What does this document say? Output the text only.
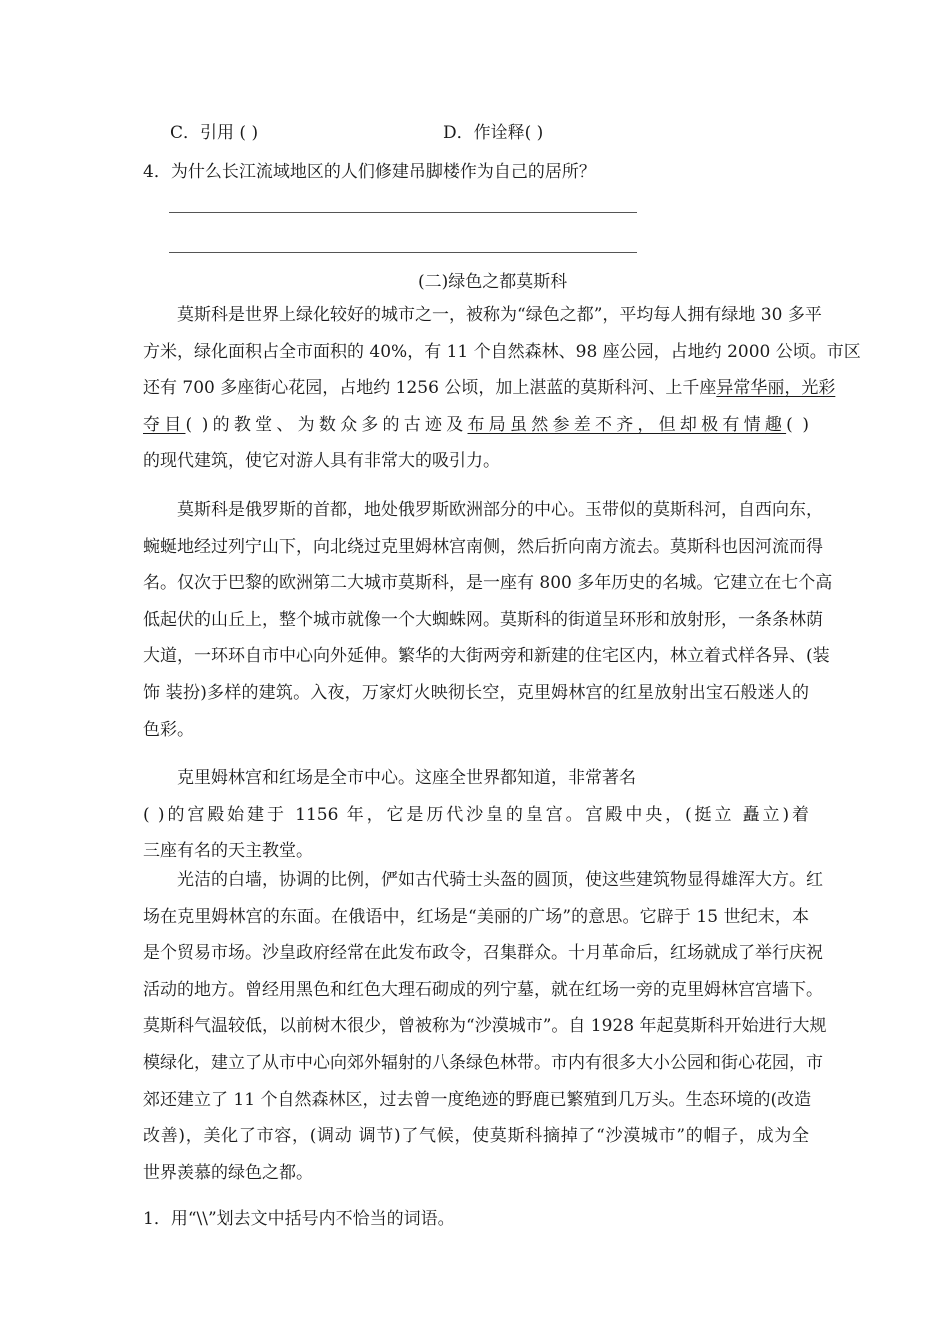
C．引用 ( )	D．作诠释( )
4．为什么长江流域地区的人们修建吊脚楼作为自己的居所？
(二)绿色之都莫斯科
莫斯科是世界上绿化较好的城市之一，被称为“绿色之都”，平均每人拥有绿地 30 多平
方米，绿化面积占全市面积的 40%，有 11 个自然森林、98 座公园，占地约 2000 公顷。市区
还有 700 多座街心花园，占地约 1256 公顷，加上湛蓝的莫斯科河、上千座异常华丽，光彩
夺目( )的教堂、为数众多的古迹及布局虽然参差不齐，但却极有情趣( )
的现代建筑，使它对游人具有非常大的吸引力。
莫斯科是俄罗斯的首都，地处俄罗斯欧洲部分的中心。玉带似的莫斯科河，自西向东，
蜿蜒地经过列宁山下，向北绕过克里姆林宫南侧，然后折向南方流去。莫斯科也因河流而得
名。仅次于巴黎的欧洲第二大城市莫斯科，是一座有 800 多年历史的名城。它建立在七个高
低起伏的山丘上，整个城市就像一个大蜘蛛网。莫斯科的街道呈环形和放射形，一条条林荫
大道，一环环自市中心向外延伸。繁华的大街两旁和新建的住宅区内，林立着式样各异、(装
饰 装扮)多样的建筑。入夜，万家灯火映彻长空，克里姆林宫的红星放射出宝石般迷人的
色彩。
克里姆林宫和红场是全市中心。这座全世界都知道，非常著名
( )的宫殿始建于 1156 年，它是历代沙皇的皇宫。宫殿中央，(挺立 矗立)着
三座有名的天主教堂。
光洁的白墙，协调的比例，俨如古代骑士头盔的圆顶，使这些建筑物显得雄浑大方。红
场在克里姆林宫的东面。在俄语中，红场是“美丽的广场”的意思。它辟于 15 世纪末，本
是个贸易市场。沙皇政府经常在此发布政令，召集群众。十月革命后，红场就成了举行庆祝
活动的地方。曾经用黑色和红色大理石砌成的列宁墓，就在红场一旁的克里姆林宫宫墙下。
莫斯科气温较低，以前树木很少，曾被称为“沙漠城市”。自 1928 年起莫斯科开始进行大规
模绿化，建立了从市中心向郊外辐射的八条绿色林带。市内有很多大小公园和街心花园，市
郊还建立了 11 个自然森林区，过去曾一度绝迹的野鹿已繁殖到几万头。生态环境的(改造
改善)，美化了市容，(调动 调节)了气候，使莫斯科摘掉了“沙漠城市”的帽子，成为全
世界羡慕的绿色之都。
1．用“\\”划去文中括号内不恰当的词语。
